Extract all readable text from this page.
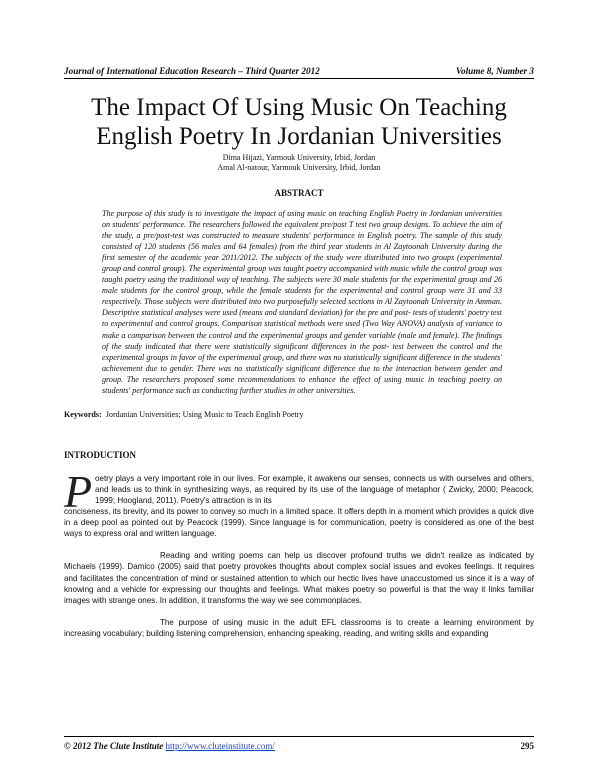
Journal of International Education Research – Third Quarter 2012	Volume 8, Number 3
The Impact Of Using Music On Teaching
English Poetry In Jordanian Universities
Dima Hijazi, Yarmouk University, Irbid, Jordan
Amal Al-natour, Yarmouk University, Irbid, Jordan
ABSTRACT
The purpose of this study is to investigate the impact of using music on teaching English Poetry in Jordanian universities on students' performance. The researchers followed the equivalent pre/post T test two group designs. To achieve the aim of the study, a pre/post-test was constructed to measure students' performance in English poetry. The sample of this study consisted of 120 students (56 males and 64 females) from the third year students in Al Zaytoonah University during the first semester of the academic year 2011/2012. The subjects of the study were distributed into two groups (experimental group and control group). The experimental group was taught poetry accompanied with music while the control group was taught poetry using the traditional way of teaching. The subjects were 30 male students for the experimental group and 26 male students for the control group, while the female students for the experimental and control group were 31 and 33 respectively. Those subjects were distributed into two purposefully selected sections in Al Zaytoonah University in Amman. Descriptive statistical analyses were used (means and standard deviation) for the pre and post- tests of students' poetry test to experimental and control groups. Comparison statistical methods were used (Two Way ANOVA) analysis of variance to make a comparison between the control and the experimental groups and gender variable (male and female). The findings of the study indicated that there were statistically significant differences in the post- test between the control and the experimental groups in favor of the experimental group, and there was no statistically significant difference in the students' achievement due to gender. There was no statistically significant difference due to the interaction between gender and group. The researchers proposed some recommendations to enhance the effect of using music in teaching poetry on students' performance such as conducting further studies in other universities.
Keywords: Jordanian Universities; Using Music to Teach English Poetry
INTRODUCTION
P oetry plays a very important role in our lives. For example, it awakens our senses, connects us with ourselves and others, and leads us to think in synthesizing ways, as required by its use of the language of metaphor ( Zwicky, 2000; Peacock, 1999; Hoogland, 2011). Poetry's attraction is in its
conciseness, its brevity, and its power to convey so much in a limited space. It offers depth in a moment which provides a quick dive in a deep pool as pointed out by Peacock (1999). Since language is for communication, poetry is considered as one of the best ways to express oral and written language.

Reading and writing poems can help us discover profound truths we didn't realize as indicated by Michaels (1999). Damico (2005) said that poetry provokes thoughts about complex social issues and evokes feelings. It requires and facilitates the concentration of mind or sustained attention to which our hectic lives have unaccustomed us since it is a way of knowing and a vehicle for expressing our thoughts and feelings. What makes poetry so powerful is that the way it links familiar images with strange ones. In addition, it transforms the way we see commonplaces.

The purpose of using music in the adult EFL classrooms is to create a learning environment by increasing vocabulary; building listening comprehension, enhancing speaking, reading, and writing skills and expanding

© 2012 The Clute Institute http://www.cluteinstitute.com/	295
